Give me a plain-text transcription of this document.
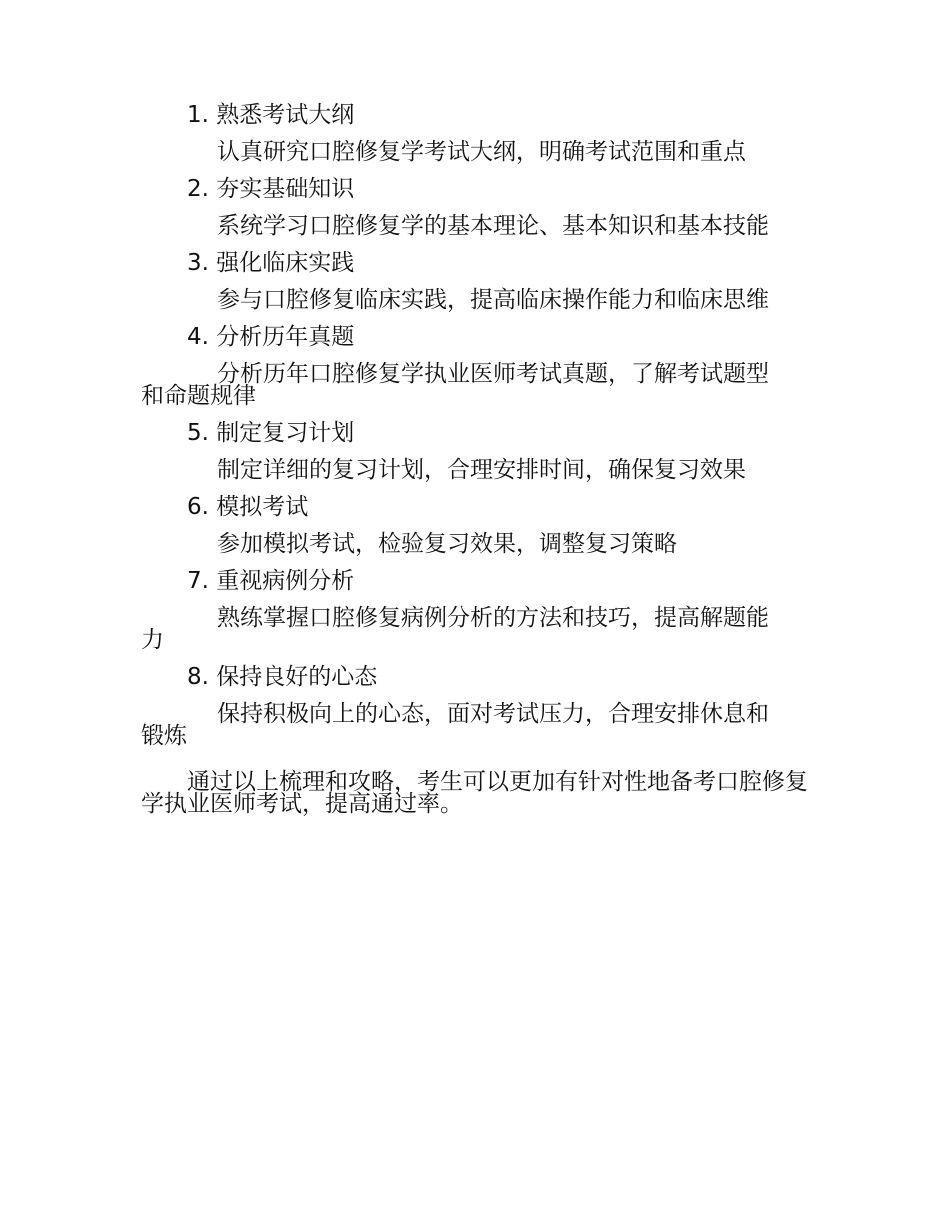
1. 熟悉考试大纲

认真研究口腔修复学考试大纲，明确考试范围和重点

2. 夯实基础知识

系统学习口腔修复学的基本理论、基本知识和基本技能

3. 强化临床实践

参与口腔修复临床实践，提高临床操作能力和临床思维

4. 分析历年真题

分析历年口腔修复学执业医师考试真题，了解考试题型和命题规律

5. 制定复习计划

制定详细的复习计划，合理安排时间，确保复习效果

6. 模拟考试

参加模拟考试，检验复习效果，调整复习策略

7. 重视病例分析

熟练掌握口腔修复病例分析的方法和技巧，提高解题能力

8. 保持良好的心态

保持积极向上的心态，面对考试压力，合理安排休息和锻炼

通过以上梳理和攻略，考生可以更加有针对性地备考口腔修复学执业医师考试，提高通过率。
